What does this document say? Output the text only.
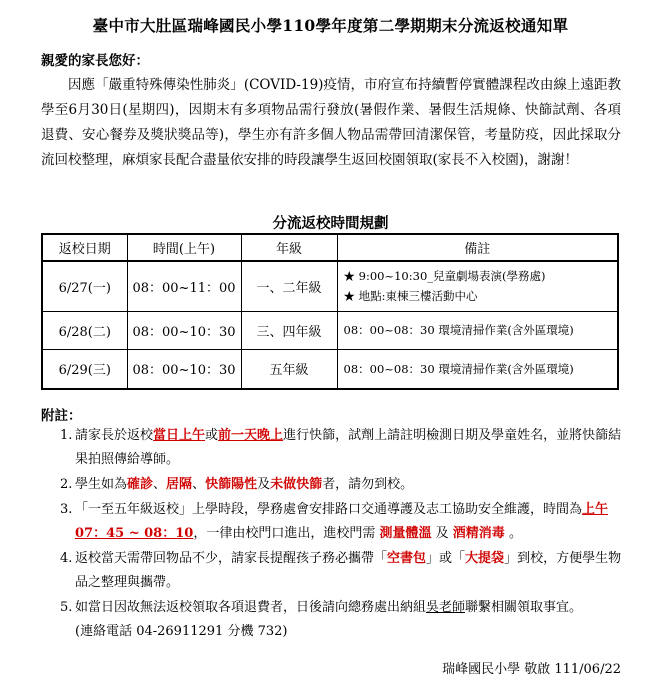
臺中市大肚區瑞峰國民小學110學年度第二學期期末分流返校通知單
親愛的家長您好：
因應「嚴重特殊傳染性肺炎」(COVID-19)疫情，市府宣布持續暫停實體課程改由線上遠距教學至6月30日(星期四)，因期末有多項物品需行發放(暑假作業、暑假生活規條、快篩試劑、各項退費、安心餐券及獎狀獎品等)，學生亦有許多個人物品需帶回清潔保管，考量防疫，因此採取分流回校整理，麻煩家長配合盡量依安排的時段讓學生返回校園領取(家長不入校園)，謝謝！
分流返校時間規劃
返校日期	時間(上午)	年級	備註
6/27(一)	08：00~11：00	一、二年級	★ 9:00~10:30_兒童劇場表演(學務處)
★ 地點:東棟三樓活動中心

6/28(二)	08：00~10：30	三、四年級	08：00~08：30 環境清掃作業(含外區環境)
6/29(三)	08：00~10：30	五年級	08：00~08：30 環境清掃作業(含外區環境)
附註：
1. 請家長於返校當日上午或前一天晚上進行快篩，試劑上請註明檢測日期及學童姓名，並將快篩結果拍照傳給導師。
2. 學生如為確診、居隔、快篩陽性及未做快篩者，請勿到校。
3. 「一至五年級返校」上學時段，學務處會安排路口交通導護及志工協助安全維護，時間為上午 07：45 ~ 08：10，一律由校門口進出，進校門需 測量體溫 及 酒精消毒 。
4. 返校當天需帶回物品不少，請家長提醒孩子務必攜帶「空書包」或「大提袋」到校，方便學生物品之整理與攜帶。
5. 如當日因故無法返校領取各項退費者，日後請向總務處出納組吳老師聯繫相關領取事宜。
(連絡電話 04-26911291 分機 732)
瑞峰國民小學 敬啟 111/06/22
